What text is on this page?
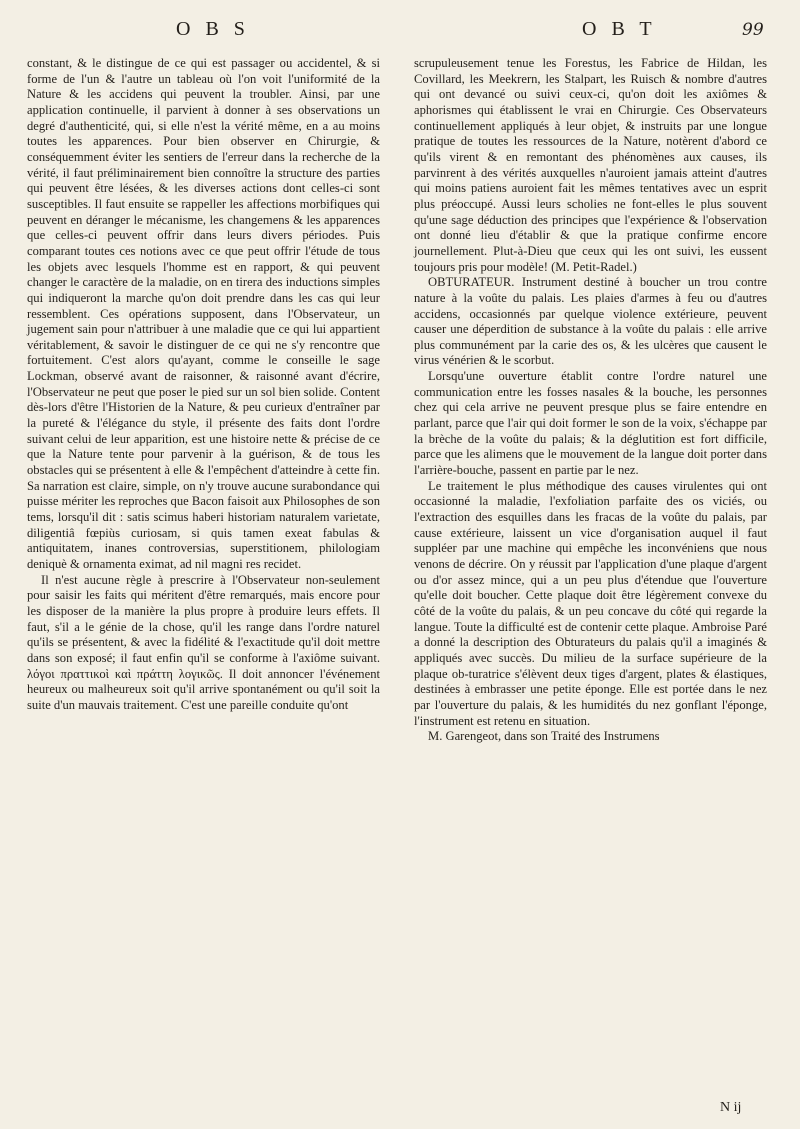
O B S	O B T	99

constant, & le distingue de ce qui est passager ou accidentel, & si forme de l'un & l'autre un tableau où l'on voit l'uniformité de la Nature & les accidens qui peuvent la troubler. Ainsi, par une application continuelle, il parvient à donner à ses observations un degré d'authenticité, qui, si elle n'est la vérité même, en a au moins toutes les apparences. Pour bien observer en Chirurgie, & conséquemment éviter les sentiers de l'erreur dans la recherche de la vérité, il faut préliminairement bien connoître la structure des parties qui peuvent être lésées, & les diverses actions dont celles-ci sont susceptibles. Il faut ensuite se rappeller les affections morbifiques qui peuvent en déranger le mécanisme, les changemens & les apparences que celles-ci peuvent offrir dans leurs divers périodes. Puis comparant toutes ces notions avec ce que peut offrir l'étude de tous les objets avec lesquels l'homme est en rapport, & qui peuvent changer le caractère de la maladie, on en tirera des inductions simples qui indiqueront la marche qu'on doit prendre dans les cas qui leur ressemblent. Ces opérations supposent, dans l'Observateur, un jugement sain pour n'attribuer à une maladie que ce qui lui appartient véritablement, & savoir le distinguer de ce qui ne s'y rencontre que fortuitement. C'est alors qu'ayant, comme le conseille le sage Lockman, observé avant de raisonner, & raisonné avant d'écrire, l'Observateur ne peut que poser le pied sur un sol bien solide. Content dès-lors d'être l'Historien de la Nature, & peu curieux d'entraîner par la pureté & l'élégance du style, il présente des faits dont l'ordre suivant celui de leur apparition, est une histoire nette & précise de ce que la Nature tente pour parvenir à la guérison, & de tous les obstacles qui se présentent à elle & l'empêchent d'atteindre à cette fin. Sa narration est claire, simple, on n'y trouve aucune surabondance qui puisse mériter les reproches que Bacon faisoit aux Philosophes de son tems, lorsqu'il dit : satis scimus haberi historiam naturalem varietate, diligentiâ fœpiùs curiosam, si quis tamen exeat fabulas & antiquitatem, inanes controversias, superstitionem, philologiam deniquè & ornamenta eximat, ad nil magni res recidet.

Il n'est aucune règle à prescrire à l'Observateur non-seulement pour saisir les faits qui méritent d'être remarqués, mais encore pour les disposer de la manière la plus propre à produire leurs effets. Il faut, s'il a le génie de la chose, qu'il les range dans l'ordre naturel qu'ils se présentent, & avec la fidélité & l'exactitude qu'il doit mettre dans son exposé; il faut enfin qu'il se conforme à l'axiôme suivant. λόγοι πραττικοὶ καὶ πράττη λογικῶς. Il doit annoncer l'événement heureux ou malheureux soit qu'il arrive spontanément ou qu'il soit la suite d'un mauvais traitement. C'est une pareille conduite qu'ont

scrupuleusement tenue les Forestus, les Fabrice de Hildan, les Covillard, les Meekrern, les Stalpart, les Ruisch & nombre d'autres qui ont devancé ou suivi ceux-ci, qu'on doit les axiômes & aphorismes qui établissent le vrai en Chirurgie. Ces Observateurs continuellement appliqués à leur objet, & instruits par une longue pratique de toutes les ressources de la Nature, notèrent d'abord ce qu'ils virent & en remontant des phénomènes aux causes, ils parvinrent à des vérités auxquelles n'auroient jamais atteint d'autres qui moins patiens auroient fait les mêmes tentatives avec un esprit plus préoccupé. Aussi leurs scholies ne font-elles le plus souvent qu'une sage déduction des principes que l'expérience & l'observation ont donné lieu d'établir & que la pratique confirme encore journellement. Plut-à-Dieu que ceux qui les ont suivi, les eussent toujours pris pour modèle! (M. Petit-Radel.)

OBTURATEUR. Instrument destiné à boucher un trou contre nature à la voûte du palais. Les plaies d'armes à feu ou d'autres accidens, occasionnés par quelque violence extérieure, peuvent causer une déperdition de substance à la voûte du palais : elle arrive plus communément par la carie des os, & les ulcères que causent le virus vénérien & le scorbut.

Lorsqu'une ouverture établit contre l'ordre naturel une communication entre les fosses nasales & la bouche, les personnes chez qui cela arrive ne peuvent presque plus se faire entendre en parlant, parce que l'air qui doit former le son de la voix, s'échappe par la brèche de la voûte du palais; & la déglutition est fort difficile, parce que les alimens que le mouvement de la langue doit porter dans l'arrière-bouche, passent en partie par le nez.

Le traitement le plus méthodique des causes virulentes qui ont occasionné la maladie, l'exfoliation parfaite des os viciés, ou l'extraction des esquilles dans les fracas de la voûte du palais, par cause extérieure, laissent un vice d'organisation auquel il faut suppléer par une machine qui empêche les inconvéniens que nous venons de décrire. On y réussit par l'application d'une plaque d'argent ou d'or assez mince, qui a un peu plus d'étendue que l'ouverture qu'elle doit boucher. Cette plaque doit être légèrement convexe du côté de la voûte du palais, & un peu concave du côté qui regarde la langue. Toute la difficulté est de contenir cette plaque. Ambroise Paré a donné la description des Obturateurs du palais qu'il a imaginés & appliqués avec succès. Du milieu de la surface supérieure de la plaque ob-turatrice s'élèvent deux tiges d'argent, plates & élastiques, destinées à embrasser une petite éponge. Elle est portée dans le nez par l'ouverture du palais, & les humidités du nez gonflant l'éponge, l'instrument est retenu en situation.

M. Garengeot, dans son Traité des Instrumens

N ij
